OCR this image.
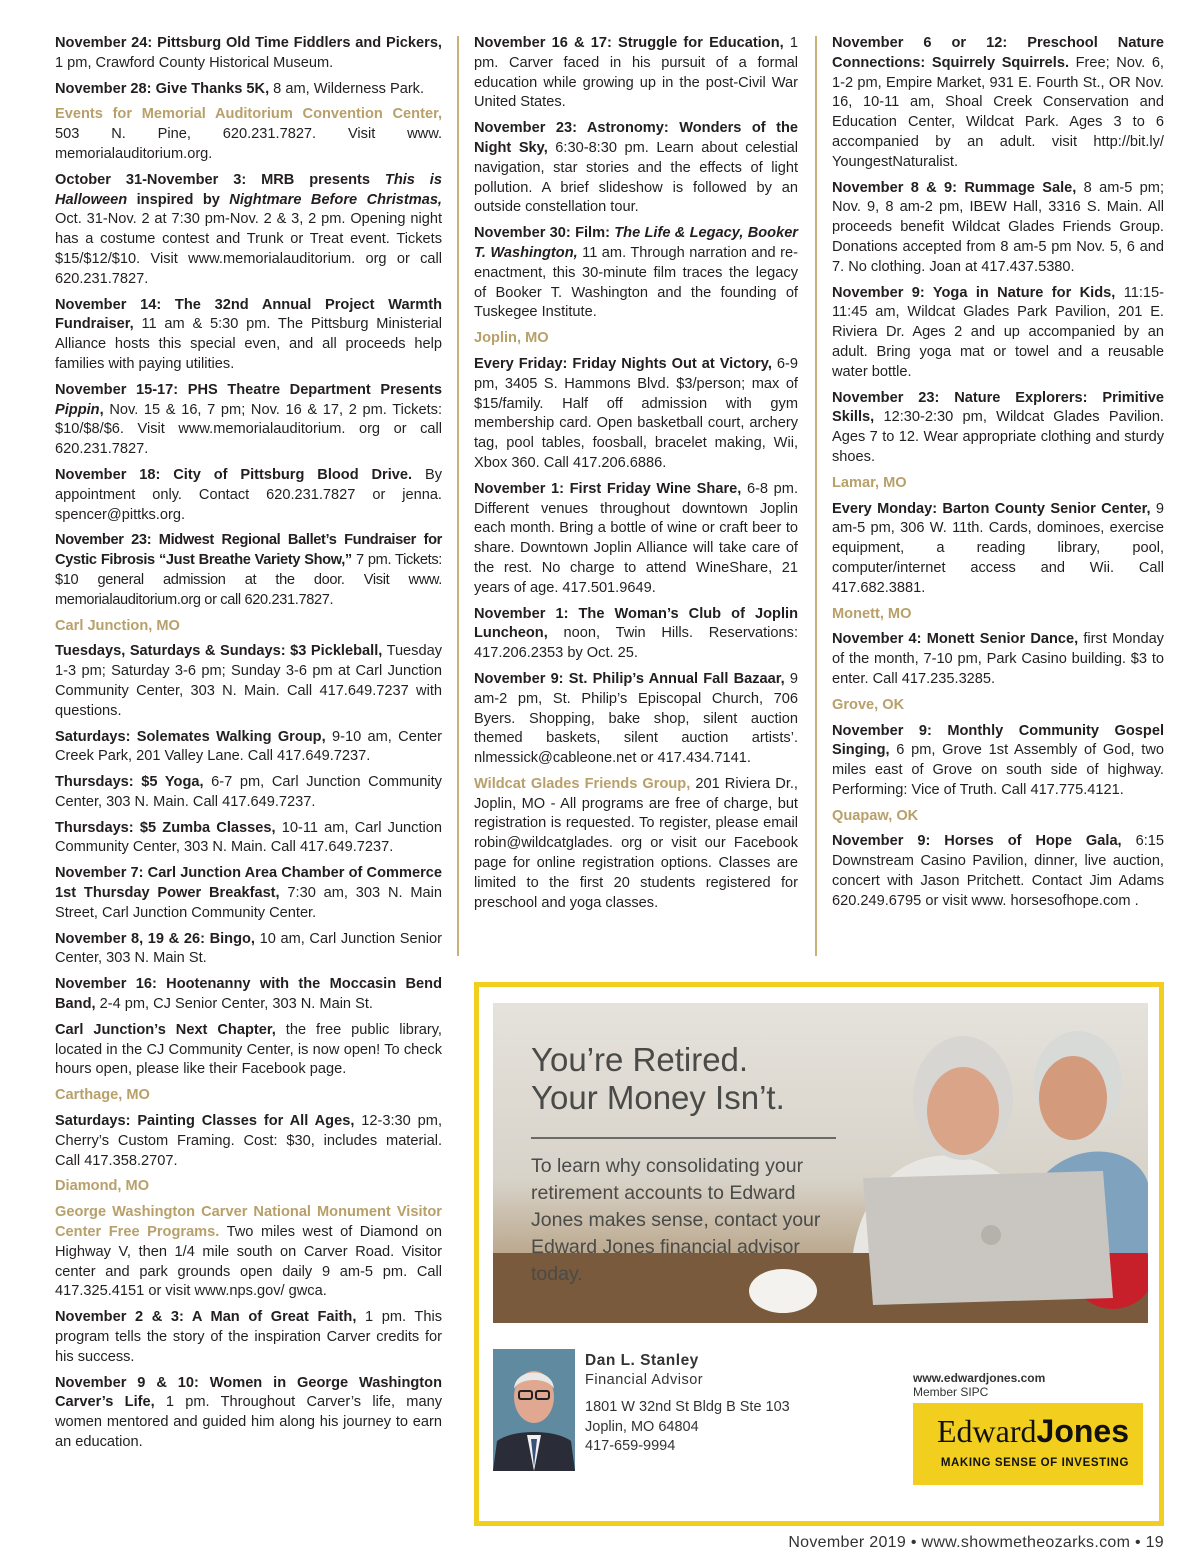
November 24: Pittsburg Old Time Fiddlers and Pickers, 1 pm, Crawford County Historical Museum.

November 28: Give Thanks 5K, 8 am, Wilderness Park.

Events for Memorial Auditorium Convention Center, 503 N. Pine, 620.231.7827. Visit www. memorialauditorium.org.

October 31-November 3: MRB presents This is Halloween inspired by Nightmare Before Christmas, Oct. 31-Nov. 2 at 7:30 pm-Nov. 2 & 3, 2 pm. Opening night has a costume contest and Trunk or Treat event. Tickets $15/$12/$10. Visit www.memorialauditorium. org or call 620.231.7827.

November 14: The 32nd Annual Project Warmth Fundraiser, 11 am & 5:30 pm. The Pittsburg Ministerial Alliance hosts this special even, and all proceeds help families with paying utilities.

November 15-17: PHS Theatre Department Presents Pippin, Nov. 15 & 16, 7 pm; Nov. 16 & 17, 2 pm. Tickets: $10/$8/$6. Visit www.memorialauditorium. org or call 620.231.7827.

November 18: City of Pittsburg Blood Drive. By appointment only. Contact 620.231.7827 or jenna. spencer@pittks.org.

November 23: Midwest Regional Ballet’s Fundraiser for Cystic Fibrosis “Just Breathe Variety Show,” 7 pm. Tickets: $10 general admission at the door. Visit www. memorialauditorium.org or call 620.231.7827.

Carl Junction, MO

Tuesdays, Saturdays & Sundays: $3 Pickleball, Tuesday 1-3 pm; Saturday 3-6 pm; Sunday 3-6 pm at Carl Junction Community Center, 303 N. Main. Call 417.649.7237 with questions.

Saturdays: Solemates Walking Group, 9-10 am, Center Creek Park, 201 Valley Lane. Call 417.649.7237.

Thursdays: $5 Yoga, 6-7 pm, Carl Junction Community Center, 303 N. Main. Call 417.649.7237.

Thursdays: $5 Zumba Classes, 10-11 am, Carl Junction Community Center, 303 N. Main. Call 417.649.7237.

November 7: Carl Junction Area Chamber of Commerce 1st Thursday Power Breakfast, 7:30 am, 303 N. Main Street, Carl Junction Community Center.

November 8, 19 & 26: Bingo, 10 am, Carl Junction Senior Center, 303 N. Main St.

November 16: Hootenanny with the Moccasin Bend Band, 2-4 pm, CJ Senior Center, 303 N. Main St.

Carl Junction’s Next Chapter, the free public library, located in the CJ Community Center, is now open! To check hours open, please like their Facebook page.

Carthage, MO

Saturdays: Painting Classes for All Ages, 12-3:30 pm, Cherry’s Custom Framing. Cost: $30, includes material. Call 417.358.2707.

Diamond, MO

George Washington Carver National Monument Visitor Center Free Programs. Two miles west of Diamond on Highway V, then 1/4 mile south on Carver Road. Visitor center and park grounds open daily 9 am-5 pm. Call 417.325.4151 or visit www.nps.gov/ gwca.

November 2 & 3: A Man of Great Faith, 1 pm. This program tells the story of the inspiration Carver credits for his success.

November 9 & 10: Women in George Washington Carver’s Life, 1 pm. Throughout Carver’s life, many women mentored and guided him along his journey to earn an education.

November 16 & 17: Struggle for Education, 1 pm. Carver faced in his pursuit of a formal education while growing up in the post-Civil War United States.

November 23: Astronomy: Wonders of the Night Sky, 6:30-8:30 pm. Learn about celestial navigation, star stories and the effects of light pollution. A brief slideshow is followed by an outside constellation tour.

November 30: Film: The Life & Legacy, Booker T. Washington, 11 am. Through narration and re-enactment, this 30-minute film traces the legacy of Booker T. Washington and the founding of Tuskegee Institute.

Joplin, MO

Every Friday: Friday Nights Out at Victory, 6-9 pm, 3405 S. Hammons Blvd. $3/person; max of $15/family. Half off admission with gym membership card. Open basketball court, archery tag, pool tables, foosball, bracelet making, Wii, Xbox 360. Call 417.206.6886.

November 1: First Friday Wine Share, 6-8 pm. Different venues throughout downtown Joplin each month. Bring a bottle of wine or craft beer to share. Downtown Joplin Alliance will take care of the rest. No charge to attend WineShare, 21 years of age. 417.501.9649.

November 1: The Woman’s Club of Joplin Luncheon, noon, Twin Hills. Reservations: 417.206.2353 by Oct. 25.

November 9: St. Philip’s Annual Fall Bazaar, 9 am-2 pm, St. Philip’s Episcopal Church, 706 Byers. Shopping, bake shop, silent auction themed baskets, silent auction artists’. nlmessick@cableone.net or 417.434.7141.

Wildcat Glades Friends Group, 201 Riviera Dr., Joplin, MO - All programs are free of charge, but registration is requested. To register, please email robin@wildcatglades. org or visit our Facebook page for online registration options. Classes are limited to the first 20 students registered for preschool and yoga classes.

November 6 or 12: Preschool Nature Connections: Squirrely Squirrels. Free; Nov. 6, 1-2 pm, Empire Market, 931 E. Fourth St., OR Nov. 16, 10-11 am, Shoal Creek Conservation and Education Center, Wildcat Park. Ages 3 to 6 accompanied by an adult. visit http://bit.ly/ YoungestNaturalist.

November 8 & 9: Rummage Sale, 8 am-5 pm; Nov. 9, 8 am-2 pm, IBEW Hall, 3316 S. Main. All proceeds benefit Wildcat Glades Friends Group. Donations accepted from 8 am-5 pm Nov. 5, 6 and 7. No clothing. Joan at 417.437.5380.

November 9: Yoga in Nature for Kids, 11:15-11:45 am, Wildcat Glades Park Pavilion, 201 E. Riviera Dr. Ages 2 and up accompanied by an adult. Bring yoga mat or towel and a reusable water bottle.

November 23: Nature Explorers: Primitive Skills, 12:30-2:30 pm, Wildcat Glades Pavilion. Ages 7 to 12. Wear appropriate clothing and sturdy shoes.

Lamar, MO

Every Monday: Barton County Senior Center, 9 am-5 pm, 306 W. 11th. Cards, dominoes, exercise equipment, a reading library, pool, computer/internet access and Wii. Call 417.682.3881.

Monett, MO

November 4: Monett Senior Dance, first Monday of the month, 7-10 pm, Park Casino building. $3 to enter. Call 417.235.3285.

Grove, OK

November 9: Monthly Community Gospel Singing, 6 pm, Grove 1st Assembly of God, two miles east of Grove on south side of highway. Performing: Vice of Truth. Call 417.775.4121.

Quapaw, OK

November 9: Horses of Hope Gala, 6:15 Downstream Casino Pavilion, dinner, live auction, concert with Jason Pritchett. Contact Jim Adams 620.249.6795 or visit www. horsesofhope.com .

You’re Retired.
Your Money Isn’t.
To learn why consolidating your retirement accounts to Edward Jones makes sense, contact your Edward Jones financial advisor today.
Dan L. Stanley
Financial Advisor
1801 W 32nd St Bldg B Ste 103
Joplin, MO 64804
417-659-9994
www.edwardjones.com
Member SIPC
EdwardJones
MAKING SENSE OF INVESTING
November 2019 • www.showmetheozarks.com • 19
